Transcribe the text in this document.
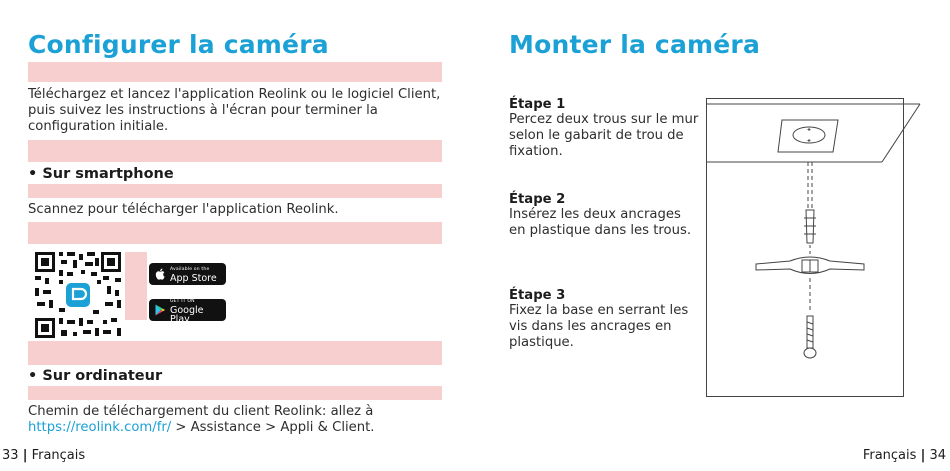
Configurer la caméra
Téléchargez et lancez l'application Reolink ou le logiciel Client, puis suivez les instructions à l'écran pour terminer la configuration initiale.
• Sur smartphone
Scannez pour télécharger l'application Reolink.
Available on the
App Store
GET IT ON
Google Play
• Sur ordinateur
Chemin de téléchargement du client Reolink: allez à
https://reolink.com/fr/ > Assistance > Appli & Client.
Monter la caméra
Étape 1
Percez deux trous sur le mur selon le gabarit de trou de fixation.
Étape 2
Insérez les deux ancrages en plastique dans les trous.
Étape 3
Fixez la base en serrant les vis dans les ancrages en plastique.
33 | Français	Français | 34
